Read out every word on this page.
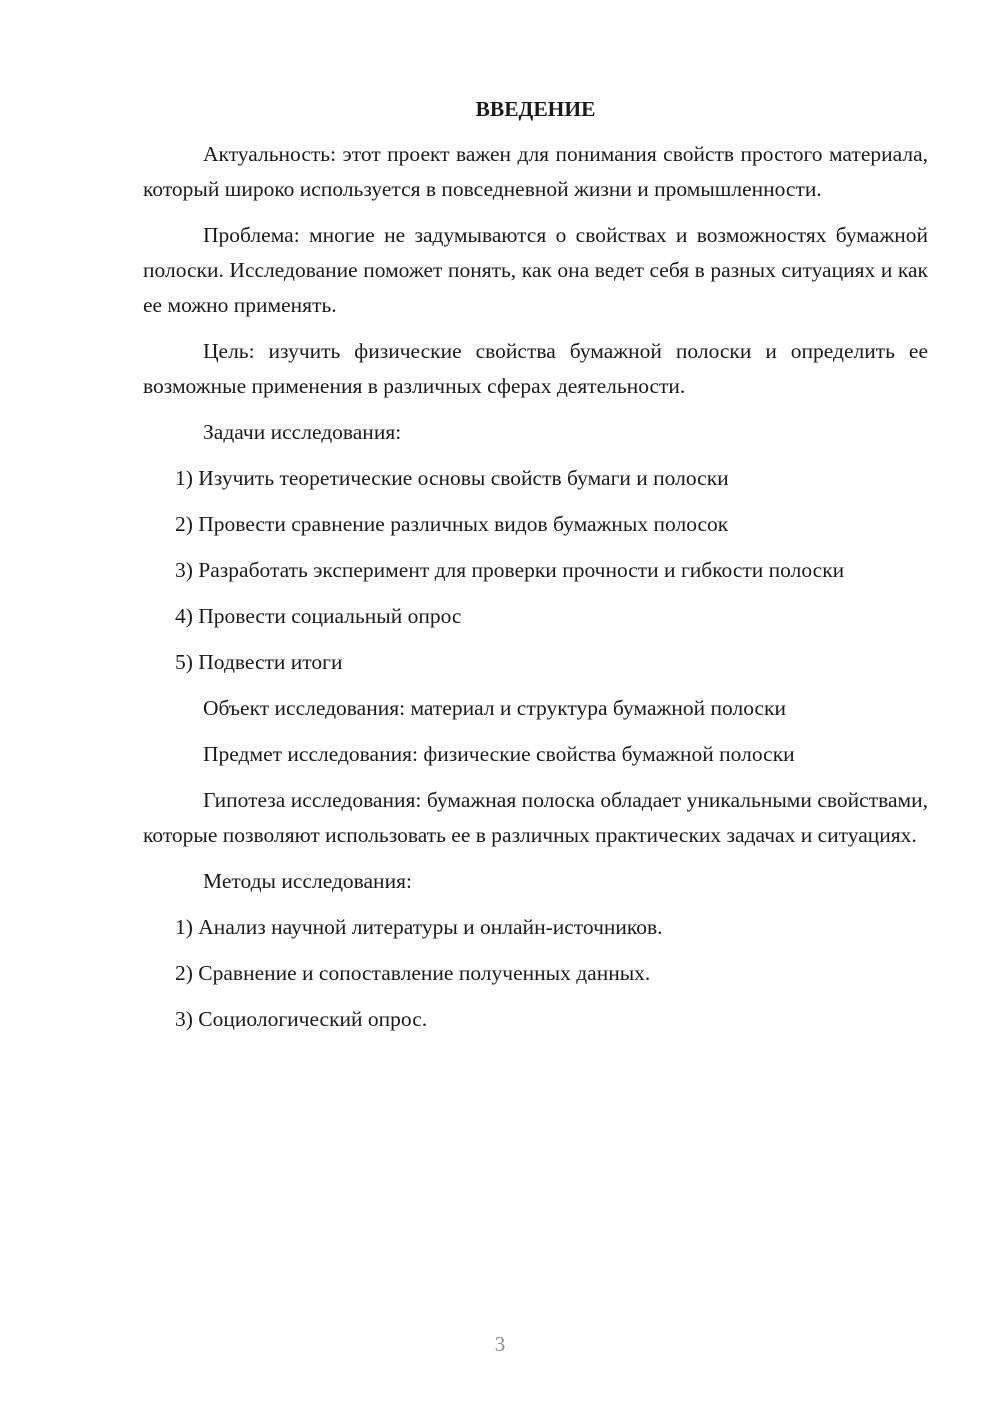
ВВЕДЕНИЕ

Актуальность: этот проект важен для понимания свойств простого материала, который широко используется в повседневной жизни и промышленности.

Проблема: многие не задумываются о свойствах и возможностях бумажной полоски. Исследование поможет понять, как она ведет себя в разных ситуациях и как ее можно применять.

Цель: изучить физические свойства бумажной полоски и определить ее возможные применения в различных сферах деятельности.

Задачи исследования:

1) Изучить теоретические основы свойств бумаги и полоски

2) Провести сравнение различных видов бумажных полосок

3) Разработать эксперимент для проверки прочности и гибкости полоски

4) Провести социальный опрос

5) Подвести итоги

Объект исследования: материал и структура бумажной полоски

Предмет исследования: физические свойства бумажной полоски

Гипотеза исследования: бумажная полоска обладает уникальными свойствами, которые позволяют использовать ее в различных практических задачах и ситуациях.

Методы исследования:

1) Анализ научной литературы и онлайн-источников.

2) Сравнение и сопоставление полученных данных.

3) Социологический опрос.

3
